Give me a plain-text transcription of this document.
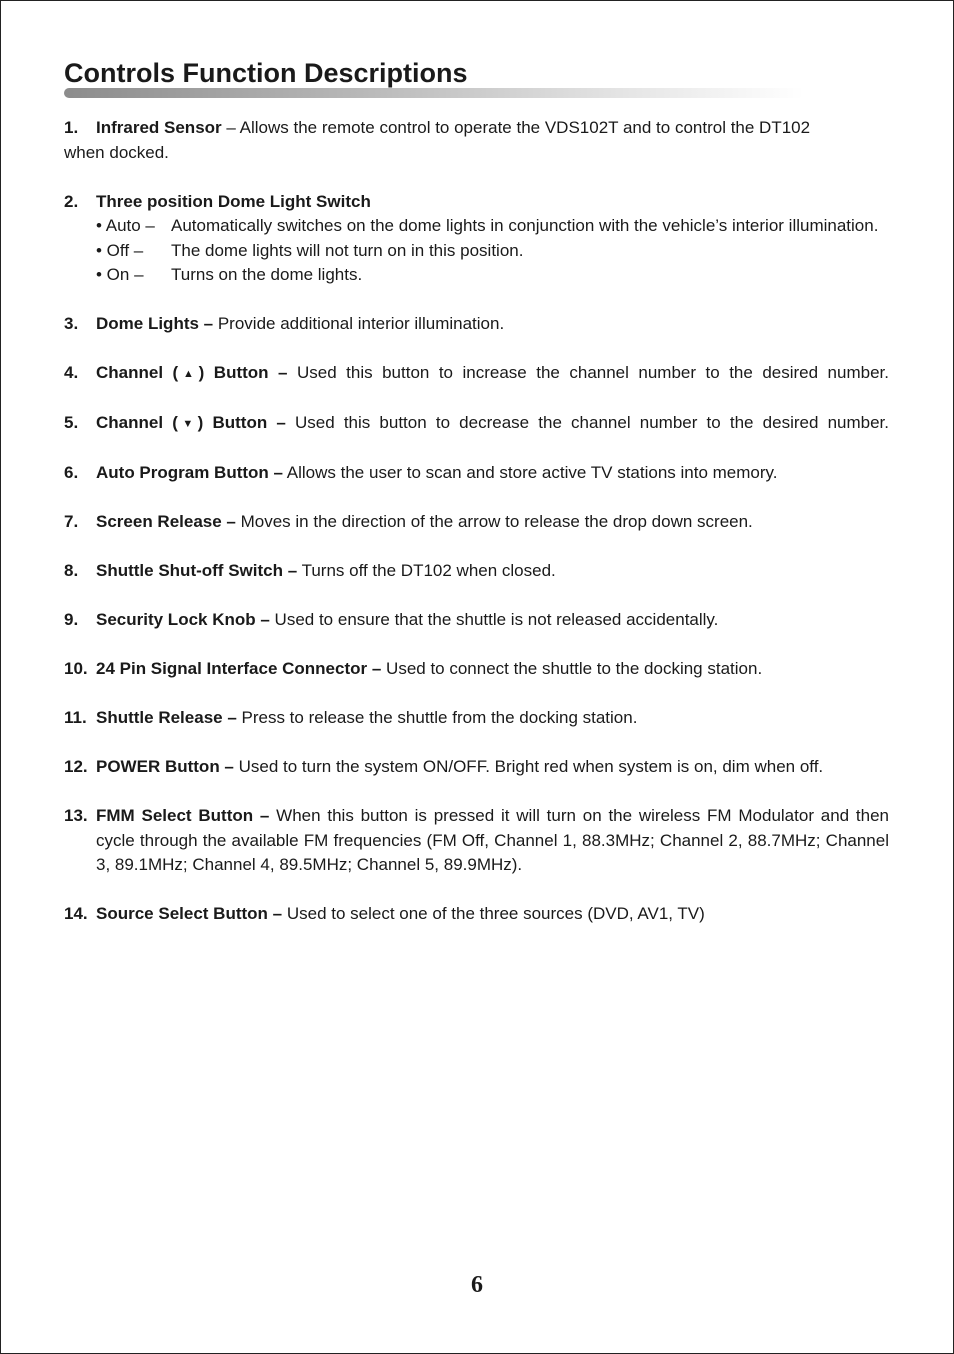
Controls Function Descriptions
1.	Infrared Sensor – Allows the remote control to operate the VDS102T and to control the DT102

when docked.

2.	Three position Dome Light Switch
• Auto – Automatically switches on the dome lights in conjunction with the vehicle’s interior illumination.
• Off –	The dome lights will not turn on in this position.
• On –	Turns on the dome lights.
3.	Dome Lights – Provide additional interior illumination.
4.	Channel (▲) Button – Used this button to increase the channel number to the desired number.
5.	Channel (▼) Button – Used this button to decrease the channel number to the desired number.
6.	Auto Program Button – Allows the user to scan and store active TV stations into memory.
7.	Screen Release – Moves in the direction of the arrow to release the drop down screen.
8.	Shuttle Shut-off Switch – Turns off the DT102 when closed.
9.	Security Lock Knob – Used to ensure that the shuttle is not released accidentally.
10. 24 Pin Signal Interface Connector – Used to connect the shuttle to the docking station.
11. Shuttle Release – Press to release the shuttle from the docking station.
12. POWER Button – Used to turn the system ON/OFF. Bright red when system is on, dim when off.
13. FMM Select Button – When this button is pressed it will turn on the wireless FM Modulator and then cycle through the available FM frequencies (FM Off, Channel 1, 88.3MHz; Channel 2, 88.7MHz; Channel 3, 89.1MHz; Channel 4, 89.5MHz; Channel 5, 89.9MHz).
14. Source Select Button – Used to select one of the three sources (DVD, AV1, TV)
6
